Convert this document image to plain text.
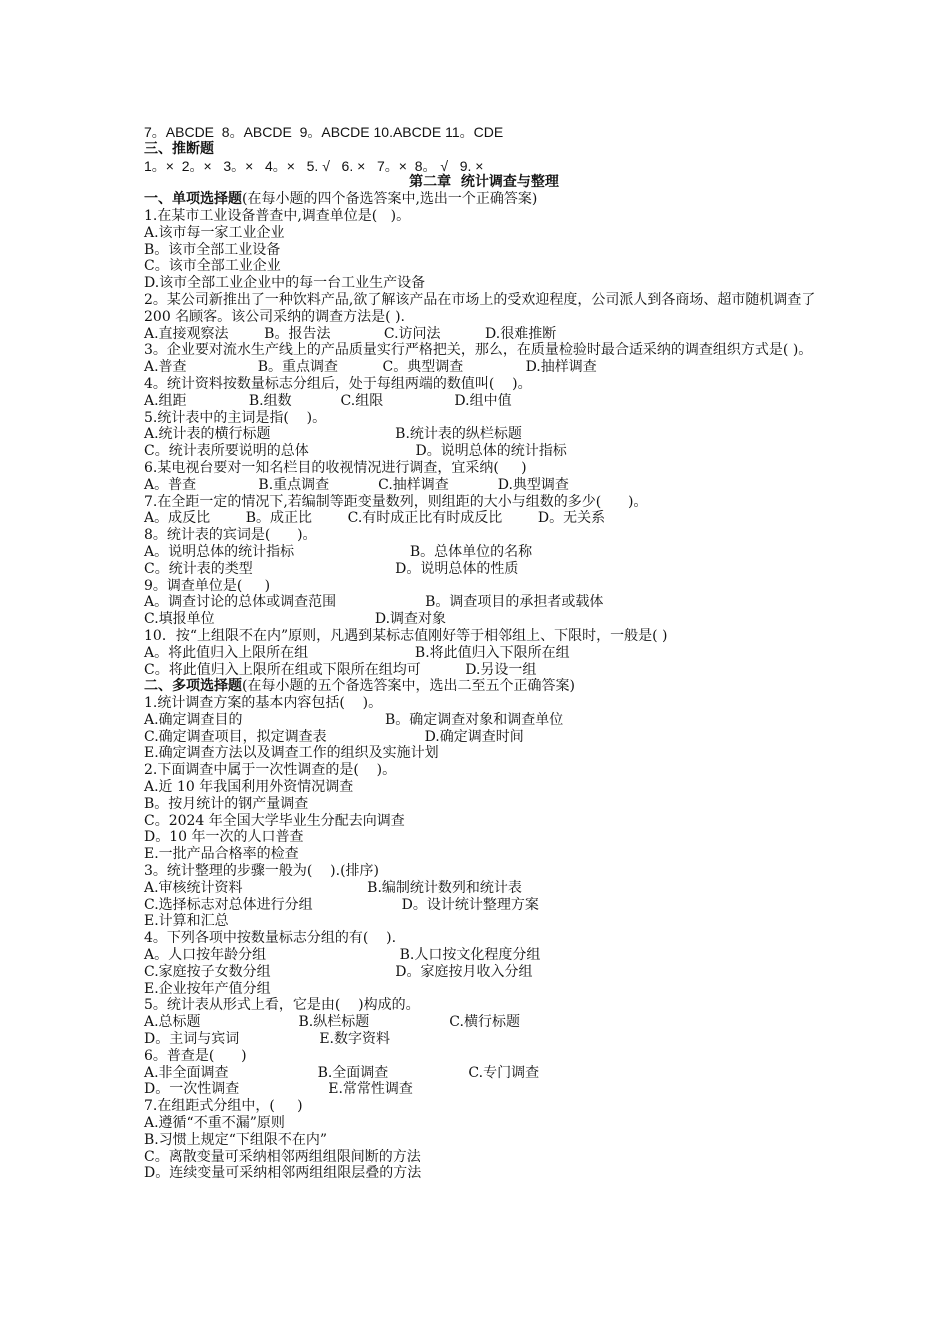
7。ABCDE  8。ABCDE  9。ABCDE 10.ABCDE 11。CDE
三、推断题
1。×  2。×   3。×   4。×   5. √   6. ×   7。×  8。 √   9. ×
第二章  统计调查与整理
一、单项选择题(在每小题的四个备选答案中,选出一个正确答案)
1.在某市工业设备普查中,调查单位是(   )。
A.该市每一家工业企业
B。该市全部工业设备
C。该市全部工业企业
D.该市全部工业企业中的每一台工业生产设备
2。某公司新推出了一种饮料产品,欲了解该产品在市场上的受欢迎程度，公司派人到各商场、超市随机调查了 200 名顾客。该公司采纳的调查方法是( ).
A.直接观察法        B。报告法            C.访问法          D.很难推断
3。企业要对流水生产线上的产品质量实行严格把关，那么，在质量检验时最合适采纳的调查组织方式是( )。
A.普查                B。重点调查          C。典型调查              D.抽样调查
4。统计资料按数量标志分组后，处于每组两端的数值叫(    )。
A.组距              B.组数           C.组限                D.组中值
5.统计表中的主词是指(    )。
A.统计表的横行标题                            B.统计表的纵栏标题
C。统计表所要说明的总体                        D。说明总体的统计指标
6.某电视台要对一知名栏目的收视情况进行调查，宜采纳(     )
A。普查              B.重点调查           C.抽样调查           D.典型调查
7.在全距一定的情况下,若编制等距变量数列，则组距的大小与组数的多少(      )。
A。成反比        B。成正比        C.有时成正比有时成反比        D。无关系
8。统计表的宾词是(      )。
A。说明总体的统计指标                          B。总体单位的名称
C。统计表的类型                                D。说明总体的性质
9。调查单位是(     )
A。调查讨论的总体或调查范围                    B。调查项目的承担者或载体
C.填报单位                                    D.调查对象
10．按“上组限不在内”原则，凡遇到某标志值刚好等于相邻组上、下限时，一般是( )
A。将此值归入上限所在组                        B.将此值归入下限所在组
C。将此值归入上限所在组或下限所在组均可          D.另设一组
二、多项选择题(在每小题的五个备选答案中，选出二至五个正确答案)
1.统计调查方案的基本内容包括(    )。
A.确定调查目的                                B。确定调查对象和调查单位
C.确定调查项目，拟定调查表                      D.确定调查时间
E.确定调查方法以及调查工作的组织及实施计划
2.下面调查中属于一次性调查的是(    )。
A.近 10 年我国利用外资情况调查
B。按月统计的钢产量调查
C。2024 年全国大学毕业生分配去向调查
D。10 年一次的人口普查
E.一批产品合格率的检查
3。统计整理的步骤一般为(    ).(排序)
A.审核统计资料                            B.编制统计数列和统计表
C.选择标志对总体进行分组                    D。设计统计整理方案
E.计算和汇总
4。下列各项中按数量标志分组的有(    ).
A。人口按年龄分组                              B.人口按文化程度分组
C.家庭按子女数分组                            D。家庭按月收入分组
E.企业按年产值分组
5。统计表从形式上看，它是由(    )构成的。
A.总标题                      B.纵栏标题                  C.横行标题
D。主词与宾词                  E.数字资料
6。普查是(      )
A.非全面调查                    B.全面调查                  C.专门调查
D。一次性调查                    E.常常性调查
7.在组距式分组中，(     )
A.遵循“不重不漏”原则
B.习惯上规定“下组限不在内”
C。离散变量可采纳相邻两组组限间断的方法
D。连续变量可采纳相邻两组组限层叠的方法
